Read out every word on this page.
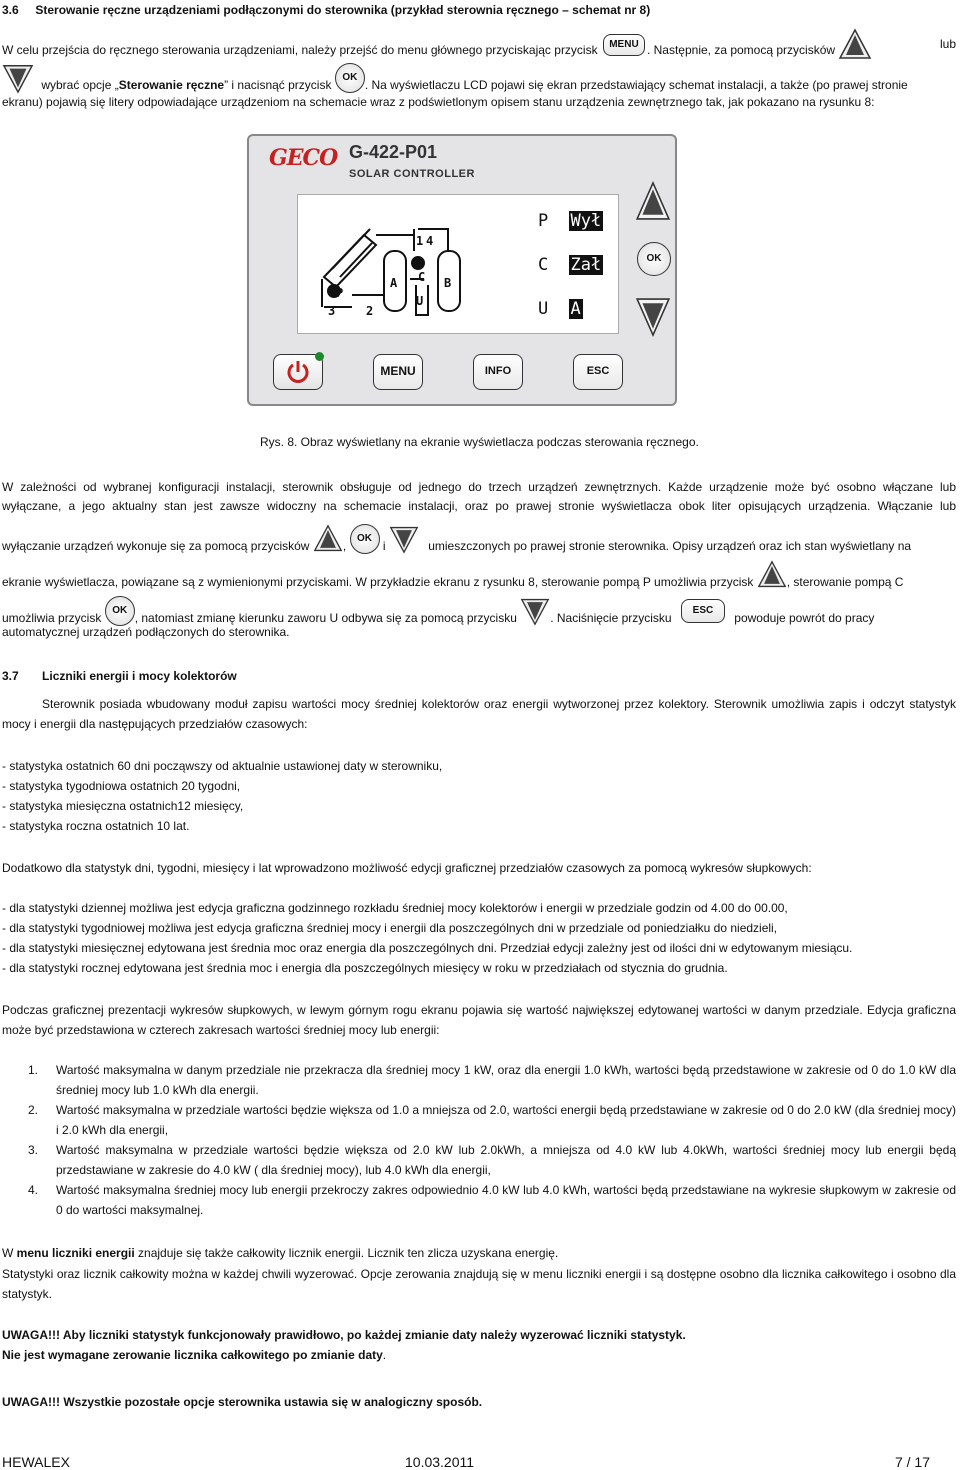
3.6 Sterowanie ręczne urządzeniami podłączonymi do sterownika (przykład sterownia ręcznego – schemat nr 8)
W celu przejścia do ręcznego sterowania urządzeniami, należy przejść do menu głównego przyciskając przycisk MENU . Następnie, za pomocą przycisków	lub
wybrać opcje „Sterowanie ręczne” i nacisnąć przycisk OK. Na wyświetlaczu LCD pojawi się ekran przedstawiający schemat instalacji, a także (po prawej stronie
ekranu) pojawią się litery odpowiadające urządzeniom na schemacie wraz z podświetlonym opisem stanu urządzenia zewnętrznego tak, jak pokazano na rysunku 8:
GECO G-422-P01
SOLAR CONTROLLER
P
A	B
C
U
1
2
3
4
P Wył
C Zał
U A
OK
MENU	INFO	ESC
Rys. 8. Obraz wyświetlany na ekranie wyświetlacza podczas sterowania ręcznego.
W zależności od wybranej konfiguracji instalacji, sterownik obsługuje od jednego do trzech urządzeń zewnętrznych. Każde urządzenie może być osobno włączane lub
wyłączane, a jego aktualny stan jest zawsze widoczny na schemacie instalacji, oraz po prawej stronie wyświetlacza obok liter opisujących urządzenia. Włączanie lub
wyłączanie urządzeń wykonuje się za pomocą przycisków	, OK i	umieszczonych po prawej stronie sterownika. Opisy urządzeń oraz ich stan wyświetlany na
ekranie wyświetlacza, powiązane są z wymienionymi przyciskami. W przykładzie ekranu z rysunku 8, sterowanie pompą P umożliwia przycisk	, sterowanie pompą C
umożliwia przycisk OK, natomiast zmianę kierunku zaworu U odbywa się za pomocą przycisku	. Naciśnięcie przycisku ESC powoduje powrót do pracy
automatycznej urządzeń podłączonych do sterownika.
3.7 Liczniki energii i mocy kolektorów
Sterownik posiada wbudowany moduł zapisu wartości mocy średniej kolektorów oraz energii wytworzonej przez kolektory. Sterownik umożliwia zapis i odczyt statystyk mocy i energii dla następujących przedziałów czasowych:
- statystyka ostatnich 60 dni począwszy od aktualnie ustawionej daty w sterowniku,
- statystyka tygodniowa ostatnich 20 tygodni,
- statystyka miesięczna ostatnich12 miesięcy,
- statystyka roczna ostatnich 10 lat.
Dodatkowo dla statystyk dni, tygodni, miesięcy i lat wprowadzono możliwość edycji graficznej przedziałów czasowych za pomocą wykresów słupkowych:
- dla statystyki dziennej możliwa jest edycja graficzna godzinnego rozkładu średniej mocy kolektorów i energii w przedziale godzin od 4.00 do 00.00,
- dla statystyki tygodniowej możliwa jest edycja graficzna średniej mocy i energii dla poszczególnych dni w przedziale od poniedziałku do niedzieli,
- dla statystyki miesięcznej edytowana jest średnia moc oraz energia dla poszczególnych dni. Przedział edycji zależny jest od ilości dni w edytowanym miesiącu.
- dla statystyki rocznej edytowana jest średnia moc i energia dla poszczególnych miesięcy w roku w przedziałach od stycznia do grudnia.
Podczas graficznej prezentacji wykresów słupkowych, w lewym górnym rogu ekranu pojawia się wartość największej edytowanej wartości w danym przedziale. Edycja graficzna może być przedstawiona w czterech zakresach wartości średniej mocy lub energii:
1. Wartość maksymalna w danym przedziale nie przekracza dla średniej mocy 1 kW, oraz dla energii 1.0 kWh, wartości będą przedstawione w zakresie od 0 do 1.0 kW dla średniej mocy lub 1.0 kWh dla energii.
2. Wartość maksymalna w przedziale wartości będzie większa od 1.0 a mniejsza od 2.0, wartości energii będą przedstawiane w zakresie od 0 do 2.0 kW (dla średniej mocy) i 2.0 kWh dla energii,
3. Wartość maksymalna w przedziale wartości będzie większa od 2.0 kW lub 2.0kWh, a mniejsza od 4.0 kW lub 4.0kWh, wartości średniej mocy lub energii będą przedstawiane w zakresie do 4.0 kW ( dla średniej mocy), lub 4.0 kWh dla energii,
4. Wartość maksymalna średniej mocy lub energii przekroczy zakres odpowiednio 4.0 kW lub 4.0 kWh, wartości będą przedstawiane na wykresie słupkowym w zakresie od 0 do wartości maksymalnej.
W menu liczniki energii znajduje się także całkowity licznik energii. Licznik ten zlicza uzyskana energię.
Statystyki oraz licznik całkowity można w każdej chwili wyzerować. Opcje zerowania znajdują się w menu liczniki energii i są dostępne osobno dla licznika całkowitego i osobno dla statystyk.
UWAGA!!! Aby liczniki statystyk funkcjonowały prawidłowo, po każdej zmianie daty należy wyzerować liczniki statystyk.
Nie jest wymagane zerowanie licznika całkowitego po zmianie daty.
UWAGA!!! Wszystkie pozostałe opcje sterownika ustawia się w analogiczny sposób.
HEWALEX	10.03.2011	7 / 17
